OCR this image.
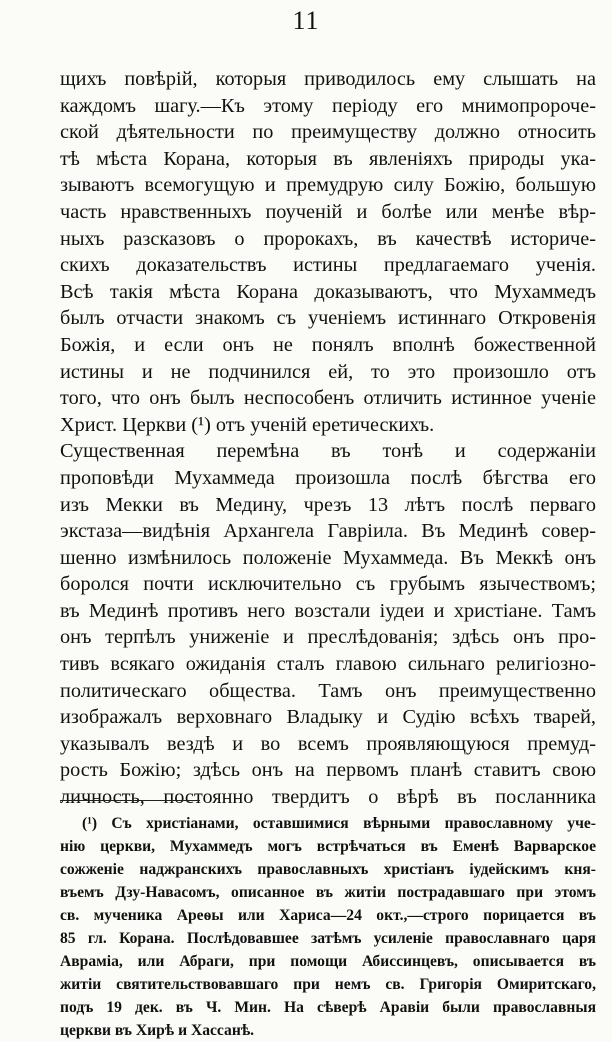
11
щихъ повѣрій, которыя приводилось ему слышать на
каждомъ шагу.—Къ этому періоду его мнимопророче-
ской дѣятельности по преимуществу должно относить
тѣ мѣста Корана, которыя въ явленіяхъ природы ука-
зываютъ всемогущую и премудрую силу Божію, большую
часть нравственныхъ поученій и болѣе или менѣе вѣр-
ныхъ разсказовъ о пророкахъ, въ качествѣ историче-
скихъ доказательствъ истины предлагаемаго ученія.
Всѣ такія мѣста Корана доказываютъ, что Мухаммедъ
былъ отчасти знакомъ съ ученіемъ истиннаго Откровенія
Божія, и если онъ не понялъ вполнѣ божественной
истины и не подчинился ей, то это произошло отъ
того, что онъ былъ неспособенъ отличить истинное ученіе
Христ. Церкви (¹) отъ ученій еретическихъ.
Существенная перемѣна въ тонѣ и содержаніи
проповѣди Мухаммеда произошла послѣ бѣгства его
изъ Мекки въ Медину, чрезъ 13 лѣтъ послѣ перваго
экстаза—видѣнія Архангела Гавріила. Въ Мединѣ совер-
шенно измѣнилось положеніе Мухаммеда. Въ Меккѣ онъ
боролся почти исключительно съ грубымъ язычествомъ;
въ Мединѣ противъ него возстали іудеи и христіане. Тамъ
онъ терпѣлъ униженіе и преслѣдованія; здѣсь онъ про-
тивъ всякаго ожиданія сталъ главою сильнаго религіозно-
политическаго общества. Тамъ онъ преимущественно
изображалъ верховнаго Владыку и Судію всѣхъ тварей,
указывалъ вездѣ и во всемъ проявляющуюся премуд-
рость Божію; здѣсь онъ на первомъ планѣ ставитъ свою
личность, постоянно твердитъ о вѣрѣ въ посланника
(¹) Съ христіанами, оставшимися вѣрными православному уче-
нію церкви, Мухаммедъ могъ встрѣчаться въ Еменѣ Варварское
сожженіе наджранскихъ православныхъ христіанъ іудейскимъ кня-
въемъ Дзу-Навасомъ, описанное въ житіи пострадавшаго при этомъ
св. мученика Ареѳы или Хариса—24 окт.,—строго порицается въ
85 гл. Корана. Послѣдовавшее затѣмъ усиленіе православнаго царя
Авраміа, или Абраги, при помощи Абиссинцевъ, описывается въ
житіи святительствовавшаго при немъ св. Григорія Омиритскаго,
подъ 19 дек. въ Ч. Мин. На сѣверѣ Аравіи были православныя
церкви въ Хирѣ и Хассанѣ.
